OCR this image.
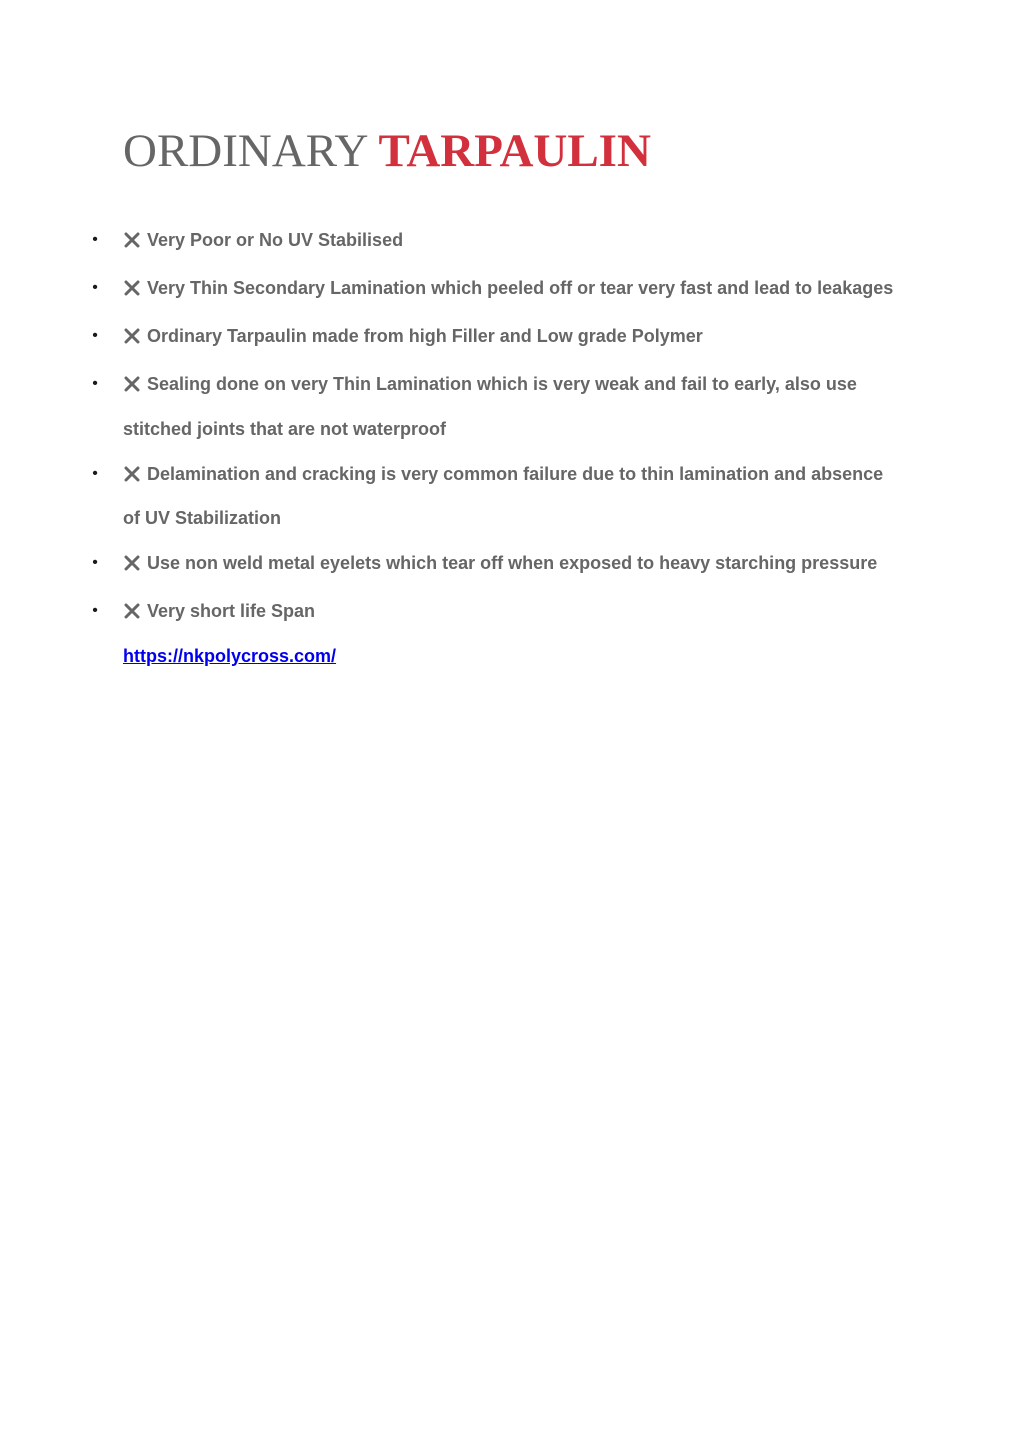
ORDINARY TARPAULIN
•	Very Poor or No UV Stabilised
•	Very Thin Secondary Lamination which peeled off or tear very fast and lead to leakages
•	Ordinary Tarpaulin made from high Filler and Low grade Polymer
•	Sealing done on very Thin Lamination which is very weak and fail to early, also use
stitched joints that are not waterproof
•	Delamination and cracking is very common failure due to thin lamination and absence
of UV Stabilization
•	Use non weld metal eyelets which tear off when exposed to heavy starching pressure
•	Very short life Span
https://nkpolycross.com/
